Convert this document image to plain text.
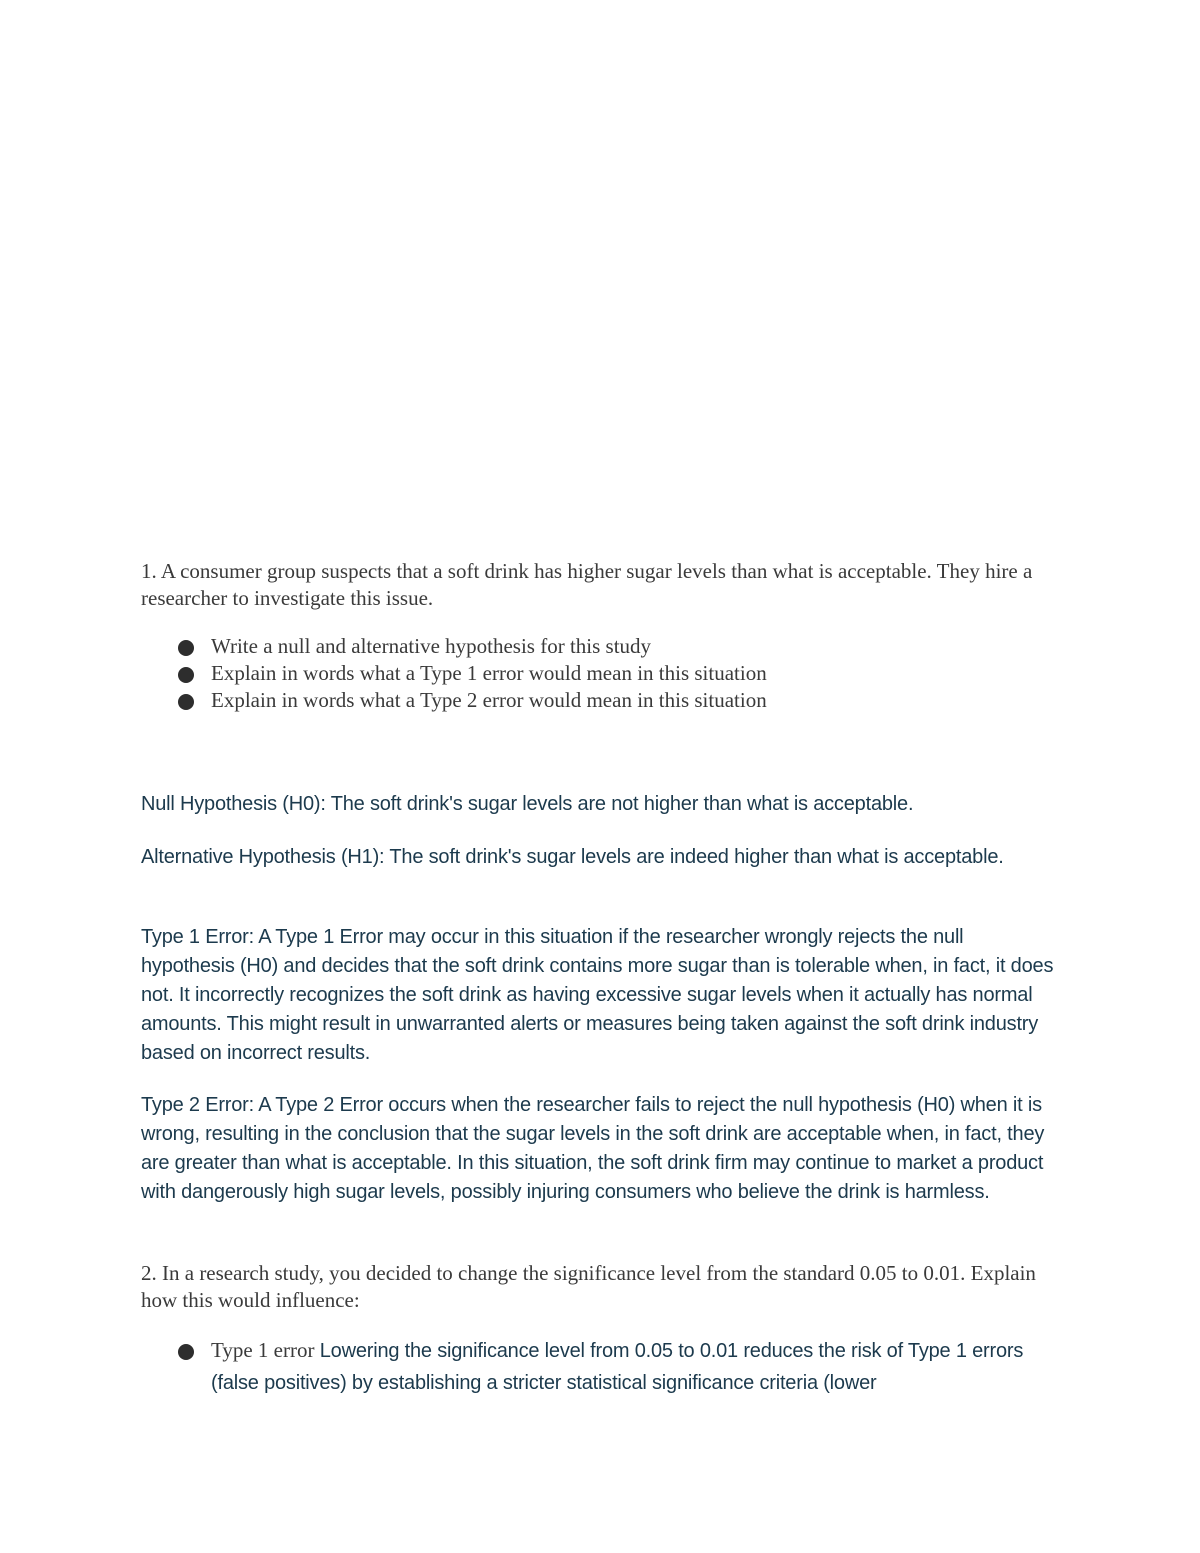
1. A consumer group suspects that a soft drink has higher sugar levels than what is acceptable. They hire a researcher to investigate this issue.
Write a null and alternative hypothesis for this study
Explain in words what a Type 1 error would mean in this situation
Explain in words what a Type 2 error would mean in this situation

Null Hypothesis (H0): The soft drink's sugar levels are not higher than what is acceptable.

Alternative Hypothesis (H1): The soft drink's sugar levels are indeed higher than what is acceptable.

Type 1 Error: A Type 1 Error may occur in this situation if the researcher wrongly rejects the null hypothesis (H0) and decides that the soft drink contains more sugar than is tolerable when, in fact, it does not. It incorrectly recognizes the soft drink as having excessive sugar levels when it actually has normal amounts. This might result in unwarranted alerts or measures being taken against the soft drink industry based on incorrect results.

Type 2 Error: A Type 2 Error occurs when the researcher fails to reject the null hypothesis (H0) when it is wrong, resulting in the conclusion that the sugar levels in the soft drink are acceptable when, in fact, they are greater than what is acceptable. In this situation, the soft drink firm may continue to market a product with dangerously high sugar levels, possibly injuring consumers who believe the drink is harmless.

2. In a research study, you decided to change the significance level from the standard 0.05 to 0.01. Explain how this would influence:
Type 1 error Lowering the significance level from 0.05 to 0.01 reduces the risk of Type 1 errors (false positives) by establishing a stricter statistical significance criteria (lower
